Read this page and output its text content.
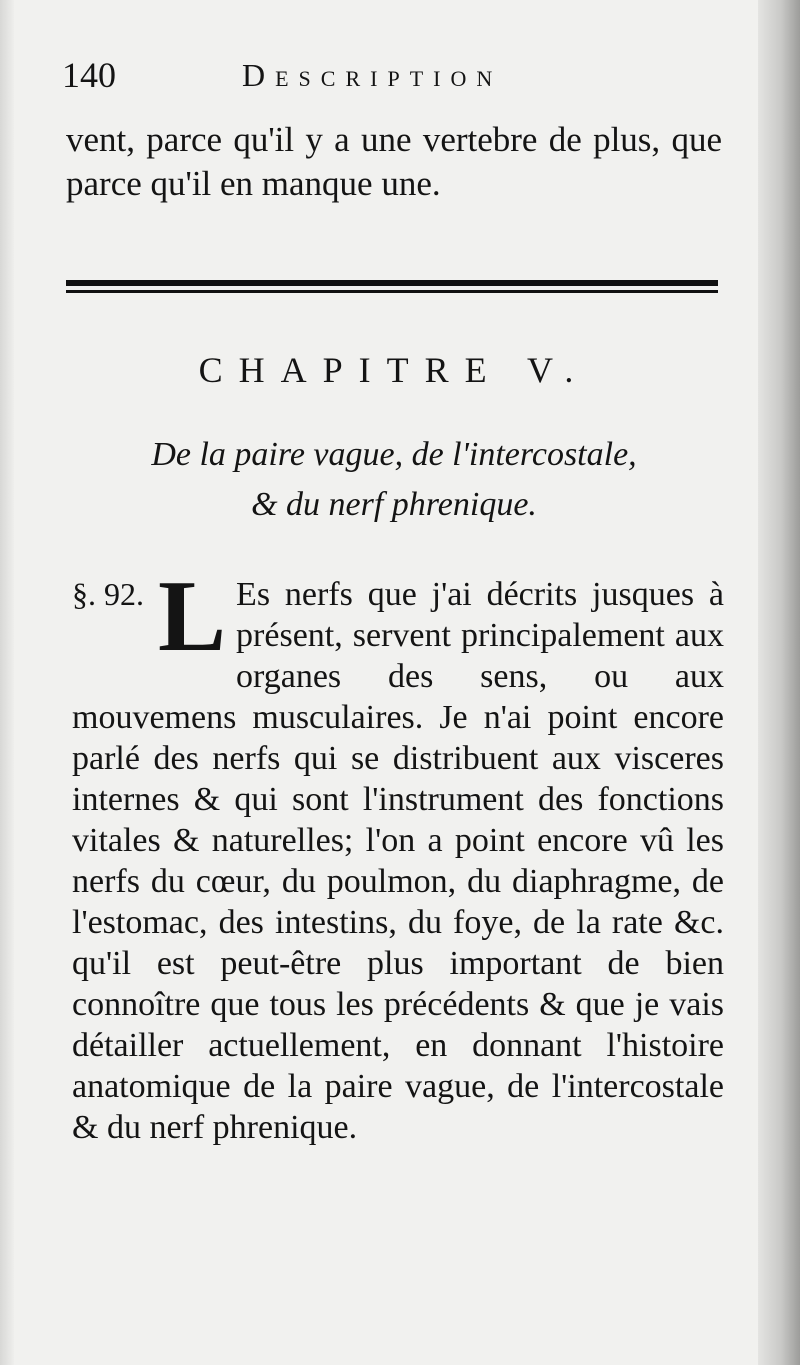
140	Description
vent, parce qu'il y a une vertebre de plus, que parce qu'il en manque une.
CHAPITRE V.
De la paire vague, de l'intercostale,
& du nerf phrenique.
§. 92. L Es nerfs que j'ai décrits jusques à présent, servent principalement aux organes des sens, ou aux mouvemens musculaires. Je n'ai point encore parlé des nerfs qui se distribuent aux visceres internes & qui sont l'instrument des fonctions vitales & naturelles; l'on a point encore vû les nerfs du cœur, du poulmon, du diaphragme, de l'estomac, des intestins, du foye, de la rate &c. qu'il est peut-être plus important de bien connoître que tous les précédents & que je vais détailler actuellement, en donnant l'histoire anatomique de la paire vague, de l'intercostale & du nerf phrenique.
